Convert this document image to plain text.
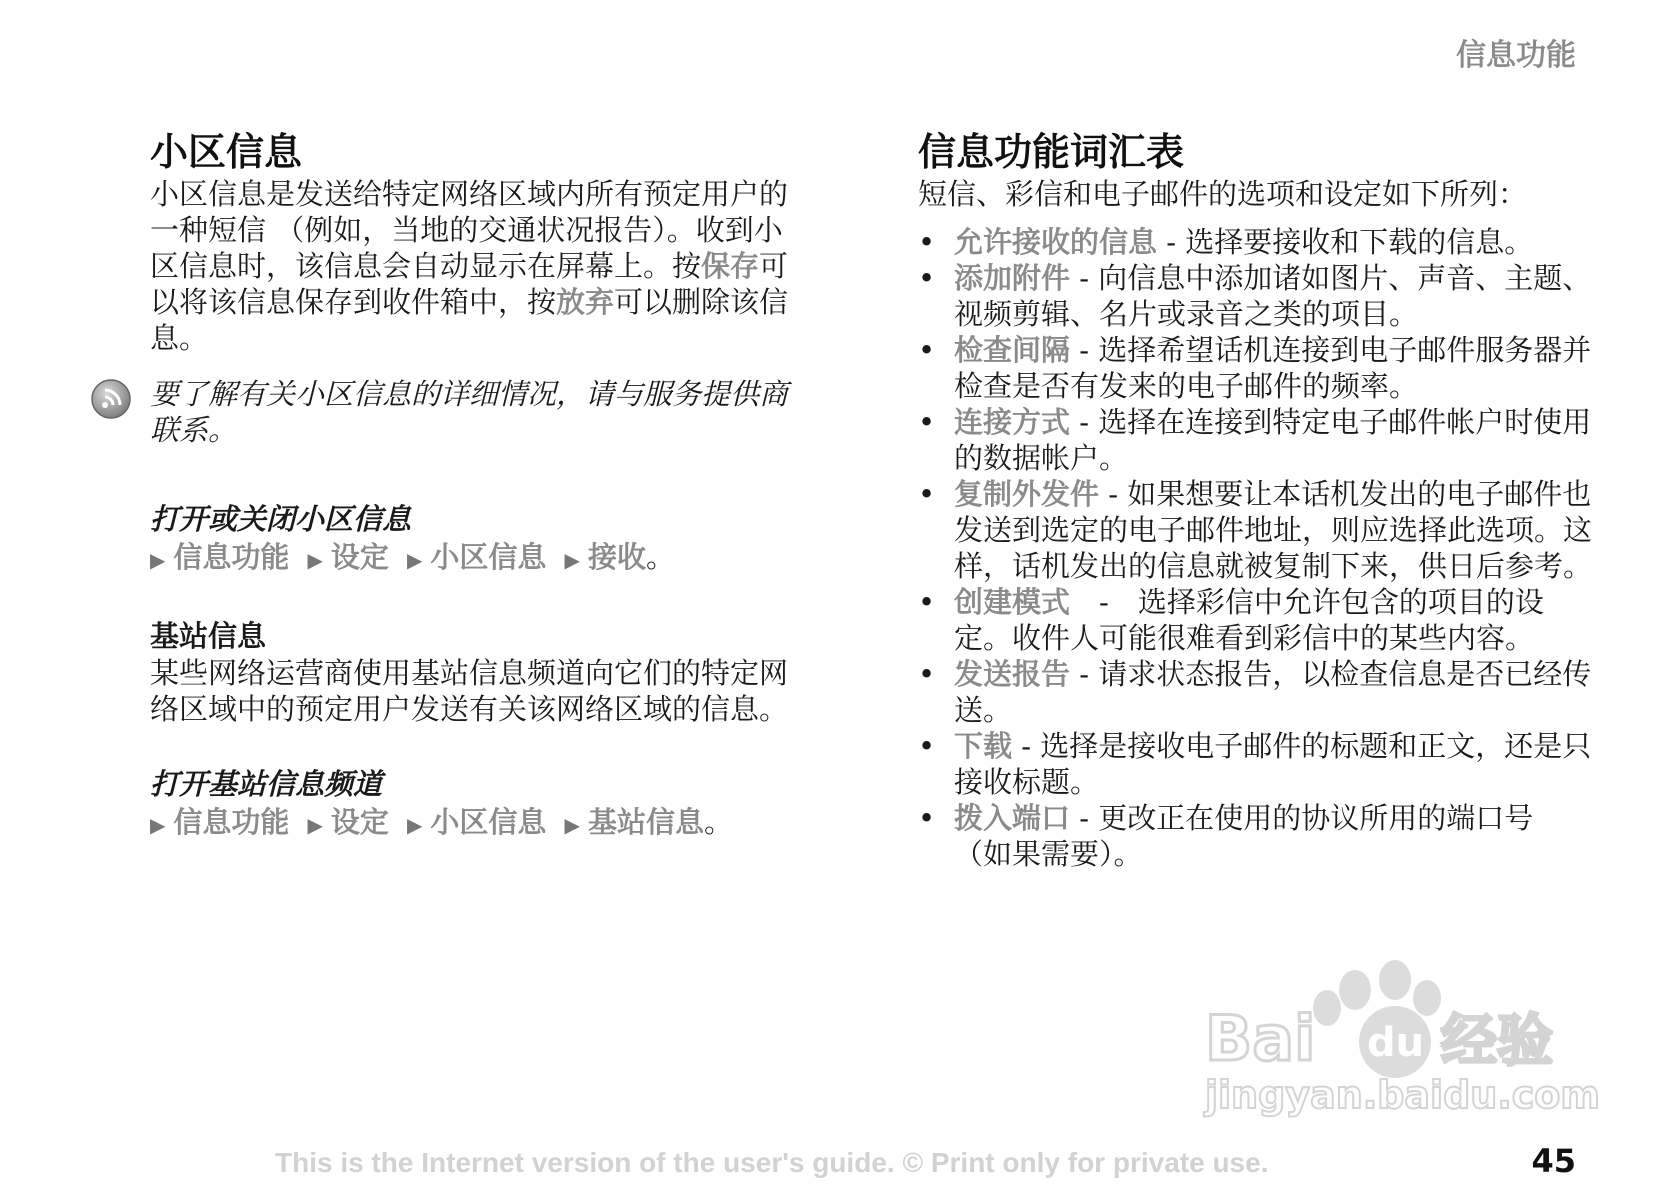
信息功能
小区信息

小区信息是发送给特定网络区域内所有预定用户的一种短信 （例如，当地的交通状况报告）。收到小区信息时，该信息会自动显示在屏幕上。按保存可以将该信息保存到收件箱中，按放弃可以删除该信息。

要了解有关小区信息的详细情况，请与服务提供商联系。
打开或关闭小区信息
▶ 信息功能 ▶ 设定 ▶ 小区信息 ▶ 接收。
基站信息

某些网络运营商使用基站信息频道向它们的特定网络区域中的预定用户发送有关该网络区域的信息。

打开基站信息频道
▶ 信息功能 ▶ 设定 ▶ 小区信息 ▶ 基站信息。
信息功能词汇表

短信、彩信和电子邮件的选项和设定如下所列：

• 允许接收的信息 - 选择要接收和下载的信息。
• 添加附件 - 向信息中添加诸如图片、声音、主题、视频剪辑、名片或录音之类的项目。
• 检查间隔 - 选择希望话机连接到电子邮件服务器并检查是否有发来的电子邮件的频率。
• 连接方式 - 选择在连接到特定电子邮件帐户时使用的数据帐户。
• 复制外发件 - 如果想要让本话机发出的电子邮件也发送到选定的电子邮件地址，则应选择此选项。这样，话机发出的信息就被复制下来，供日后参考。
• 创建模式　-　选择彩信中允许包含的项目的设定。收件人可能很难看到彩信中的某些内容。
• 发送报告 - 请求状态报告，以检查信息是否已经传送。
• 下载 - 选择是接收电子邮件的标题和正文，还是只接收标题。
• 拨入端口 - 更改正在使用的协议所用的端口号 （如果需要）。
Bai du 经验
jingyan.baidu.com
This is the Internet version of the user's guide. © Print only for private use.	45
